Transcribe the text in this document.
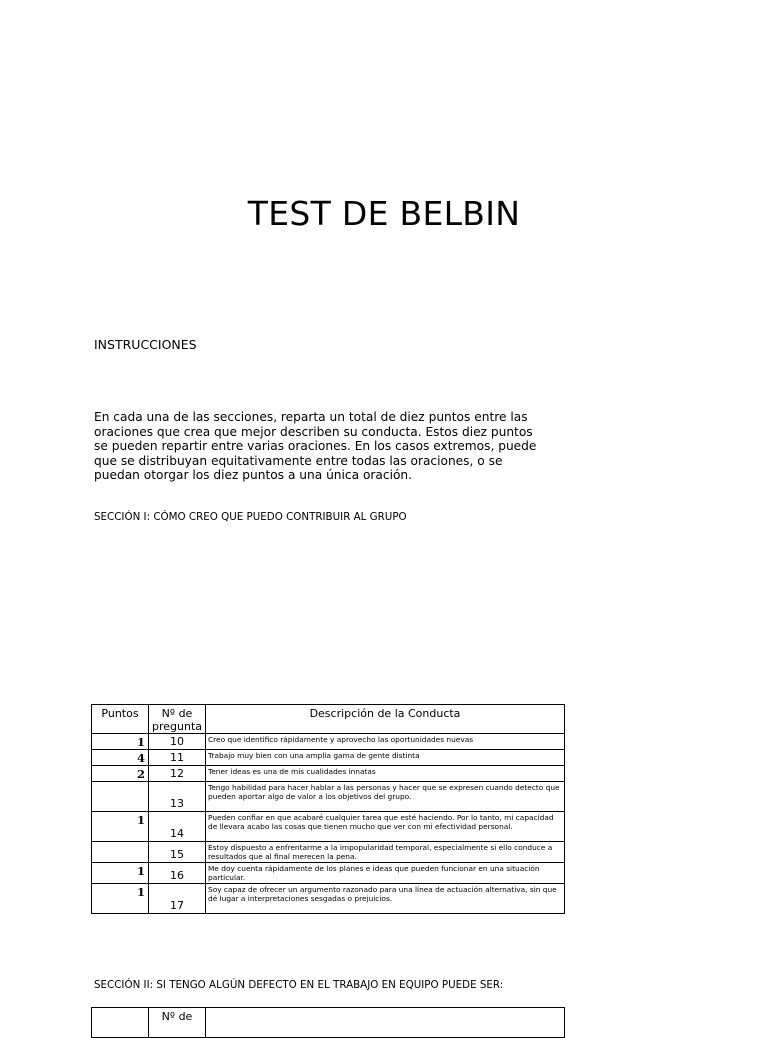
TEST DE BELBIN
INSTRUCCIONES
En cada una de las secciones, reparta un total de diez puntos entre las oraciones que crea que mejor describen su conducta. Estos diez puntos se pueden repartir entre varias oraciones. En los casos extremos, puede que se distribuyan equitativamente entre todas las oraciones, o se puedan otorgar los diez puntos a una única oración.
SECCIÓN I: CÓMO CREO QUE PUEDO CONTRIBUIR AL GRUPO
Puntos	Nº de pregunta	Descripción de la Conducta
1	10	Creo que identifico rápidamente y aprovecho las oportunidades nuevas
4	11	Trabajo muy bien con una amplia gama de gente distinta
2	12	Tener ideas es una de mis cualidades innatas
	13	Tengo habilidad para hacer hablar a las personas y hacer que se expresen cuando detecto que pueden aportar algo de valor a los objetivos del grupo.
1	14	Pueden confiar en que acabaré cualquier tarea que esté haciendo. Por lo tanto, mi capacidad de llevara acabo las cosas que tienen mucho que ver con mi efectividad personal.
	15	Estoy dispuesto a enfrentarme a la impopularidad temporal, especialmente si ello conduce a resultados que al final merecen la pena.
1	16	Me doy cuenta rápidamente de los planes e ideas que pueden funcionar en una situación particular.
1	17	Soy capaz de ofrecer un argumento razonado para una línea de actuación alternativa, sin que dé lugar a interpretaciones sesgadas o prejuicios.
SECCIÓN II: SI TENGO ALGÚN DEFECTO EN EL TRABAJO EN EQUIPO PUEDE SER:
	Nº de	
